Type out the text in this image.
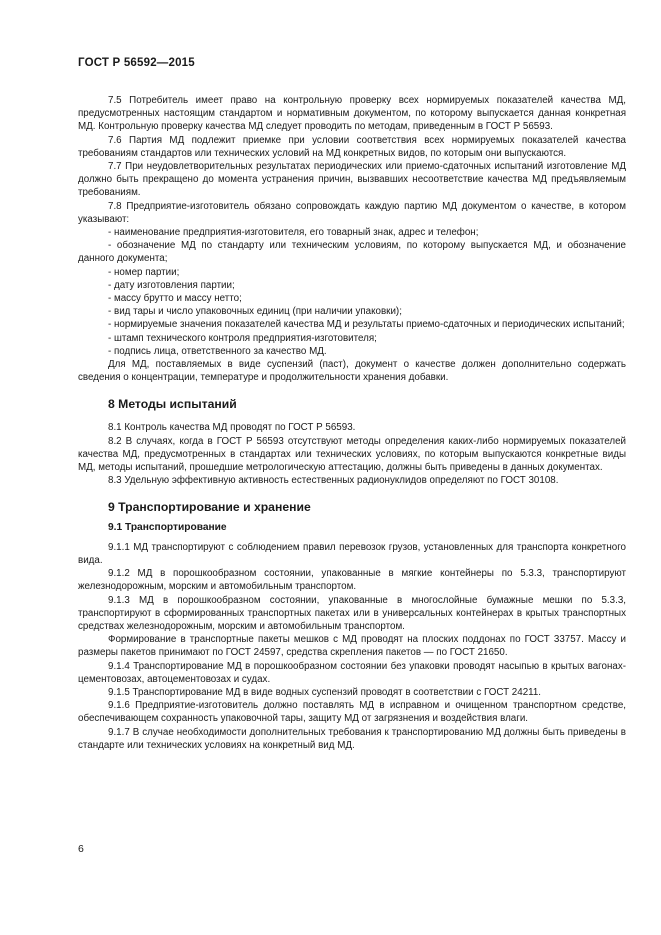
ГОСТ Р 56592—2015

7.5 Потребитель имеет право на контрольную проверку всех нормируемых показателей качества МД, предусмотренных настоящим стандартом и нормативным документом, по которому выпускается данная конкретная МД. Контрольную проверку качества МД следует проводить по методам, приведенным в ГОСТ Р 56593.

7.6 Партия МД подлежит приемке при условии соответствия всех нормируемых показателей качества требованиям стандартов или технических условий на МД конкретных видов, по которым они выпускаются.

7.7 При неудовлетворительных результатах периодических или приемо-сдаточных испытаний изготовление МД должно быть прекращено до момента устранения причин, вызвавших несоответствие качества МД предъявляемым требованиям.

7.8 Предприятие-изготовитель обязано сопровождать каждую партию МД документом о качестве, в котором указывают:

- наименование предприятия-изготовителя, его товарный знак, адрес и телефон;

- обозначение МД по стандарту или техническим условиям, по которому выпускается МД, и обозначение данного документа;

- номер партии;

- дату изготовления партии;

- массу брутто и массу нетто;

- вид тары и число упаковочных единиц (при наличии упаковки);

- нормируемые значения показателей качества МД и результаты приемо-сдаточных и периодических испытаний;

- штамп технического контроля предприятия-изготовителя;

- подпись лица, ответственного за качество МД.

Для МД, поставляемых в виде суспензий (паст), документ о качестве должен дополнительно содержать сведения о концентрации, температуре и продолжительности хранения добавки.

8 Методы испытаний

8.1 Контроль качества МД проводят по ГОСТ Р 56593.

8.2 В случаях, когда в ГОСТ Р 56593 отсутствуют методы определения каких-либо нормируемых показателей качества МД, предусмотренных в стандартах или технических условиях, по которым выпускаются конкретные виды МД, методы испытаний, прошедшие метрологическую аттестацию, должны быть приведены в данных документах.

8.3 Удельную эффективную активность естественных радионуклидов определяют по ГОСТ 30108.

9 Транспортирование и хранение

9.1 Транспортирование

9.1.1 МД транспортируют с соблюдением правил перевозок грузов, установленных для транспорта конкретного вида.

9.1.2 МД в порошкообразном состоянии, упакованные в мягкие контейнеры по 5.3.3, транспортируют железнодорожным, морским и автомобильным транспортом.

9.1.3 МД в порошкообразном состоянии, упакованные в многослойные бумажные мешки по 5.3.3, транспортируют в сформированных транспортных пакетах или в универсальных контейнерах в крытых транспортных средствах железнодорожным, морским и автомобильным транспортом.

Формирование в транспортные пакеты мешков с МД проводят на плоских поддонах по ГОСТ 33757. Массу и размеры пакетов принимают по ГОСТ 24597, средства скрепления пакетов — по ГОСТ 21650.

9.1.4 Транспортирование МД в порошкообразном состоянии без упаковки проводят насыпью в крытых вагонах-цементовозах, автоцементовозах и судах.

9.1.5 Транспортирование МД в виде водных суспензий проводят в соответствии с ГОСТ 24211.

9.1.6 Предприятие-изготовитель должно поставлять МД в исправном и очищенном транспортном средстве, обеспечивающем сохранность упаковочной тары, защиту МД от загрязнения и воздействия влаги.

9.1.7 В случае необходимости дополнительных требования к транспортированию МД должны быть приведены в стандарте или технических условиях на конкретный вид МД.

6
